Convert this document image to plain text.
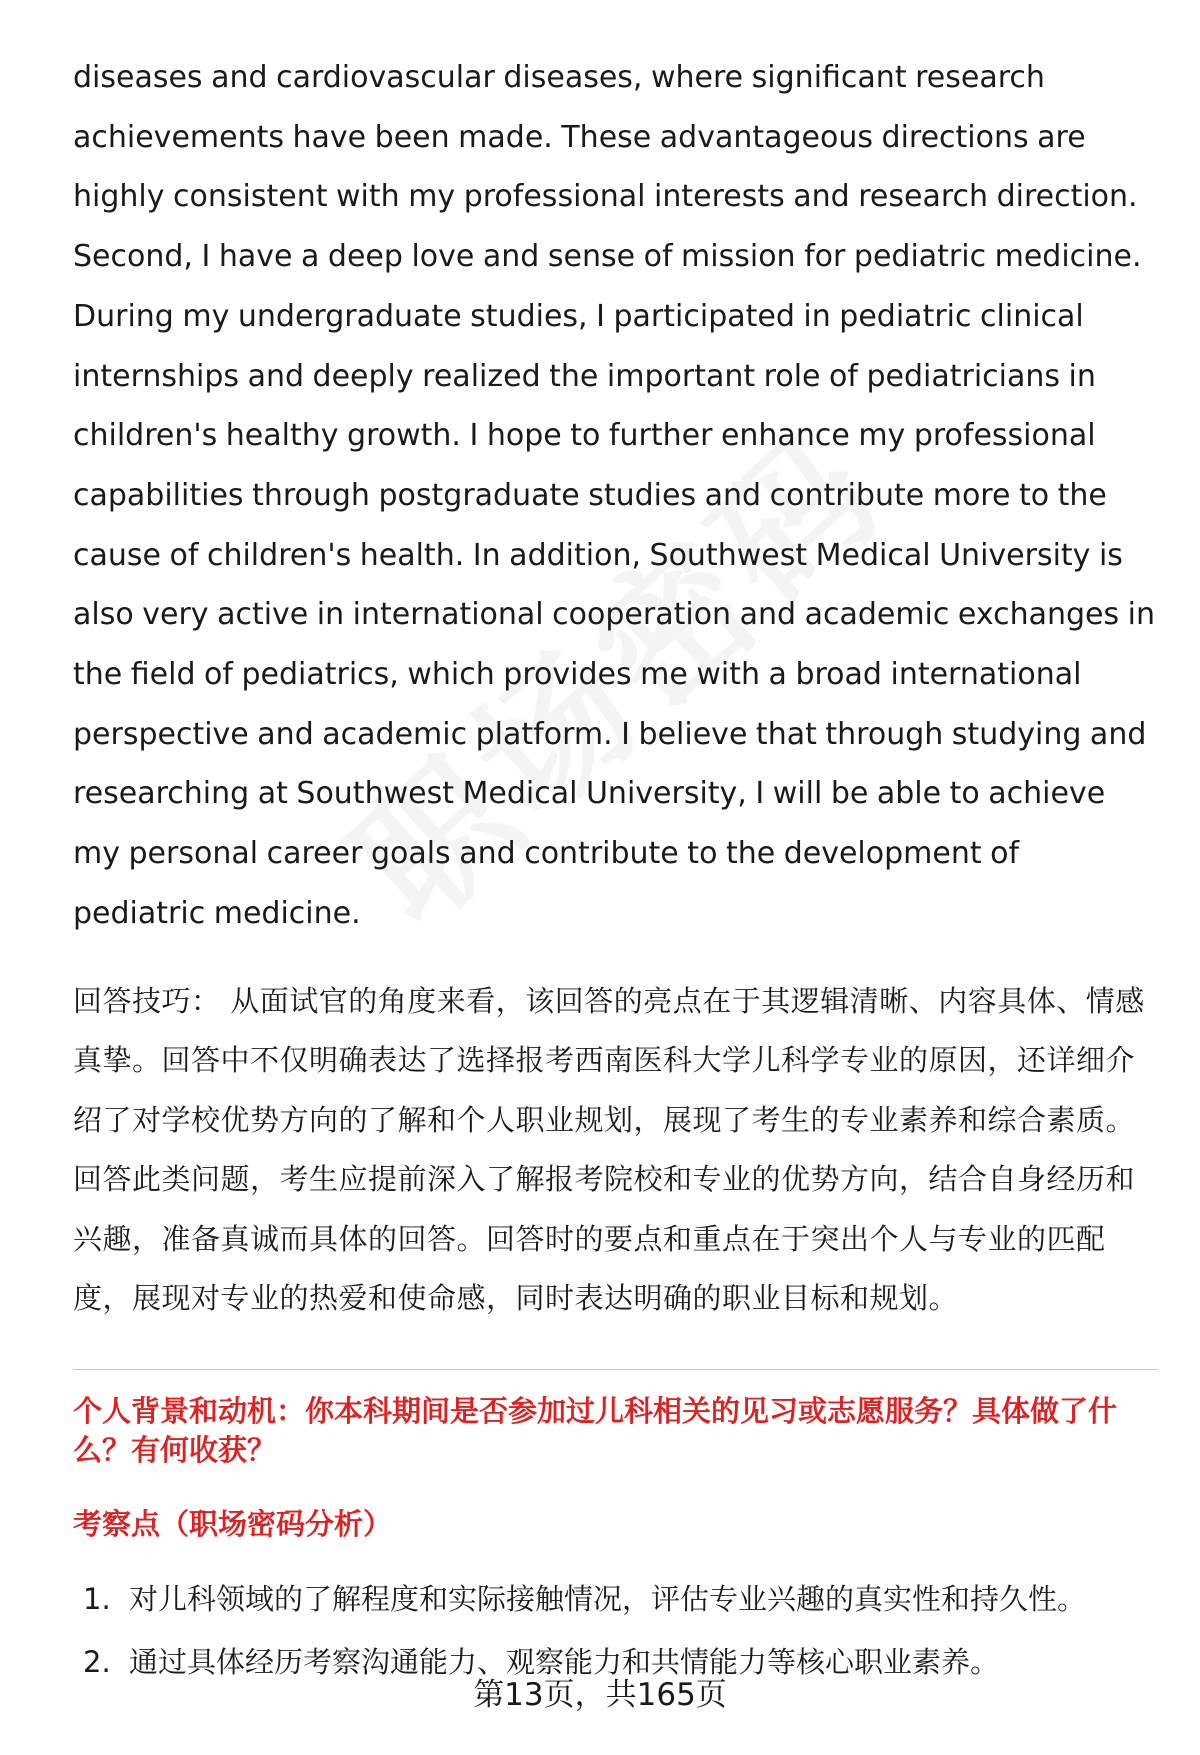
diseases and cardiovascular diseases, where significant research achievements have been made. These advantageous directions are highly consistent with my professional interests and research direction. Second, I have a deep love and sense of mission for pediatric medicine. During my undergraduate studies, I participated in pediatric clinical internships and deeply realized the important role of pediatricians in children's healthy growth. I hope to further enhance my professional capabilities through postgraduate studies and contribute more to the cause of children's health. In addition, Southwest Medical University is also very active in international cooperation and academic exchanges in the field of pediatrics, which provides me with a broad international perspective and academic platform. I believe that through studying and researching at Southwest Medical University, I will be able to achieve my personal career goals and contribute to the development of pediatric medicine.

回答技巧： 从面试官的角度来看，该回答的亮点在于其逻辑清晰、内容具体、情感真挚。回答中不仅明确表达了选择报考西南医科大学儿科学专业的原因，还详细介绍了对学校优势方向的了解和个人职业规划，展现了考生的专业素养和综合素质。回答此类问题，考生应提前深入了解报考院校和专业的优势方向，结合自身经历和兴趣，准备真诚而具体的回答。回答时的要点和重点在于突出个人与专业的匹配度，展现对专业的热爱和使命感，同时表达明确的职业目标和规划。

个人背景和动机：你本科期间是否参加过儿科相关的见习或志愿服务？具体做了什么？有何收获？

考察点（职场密码分析）

1. 对儿科领域的了解程度和实际接触情况，评估专业兴趣的真实性和持久性。
2. 通过具体经历考察沟通能力、观察能力和共情能力等核心职业素养。
第13页，共165页
